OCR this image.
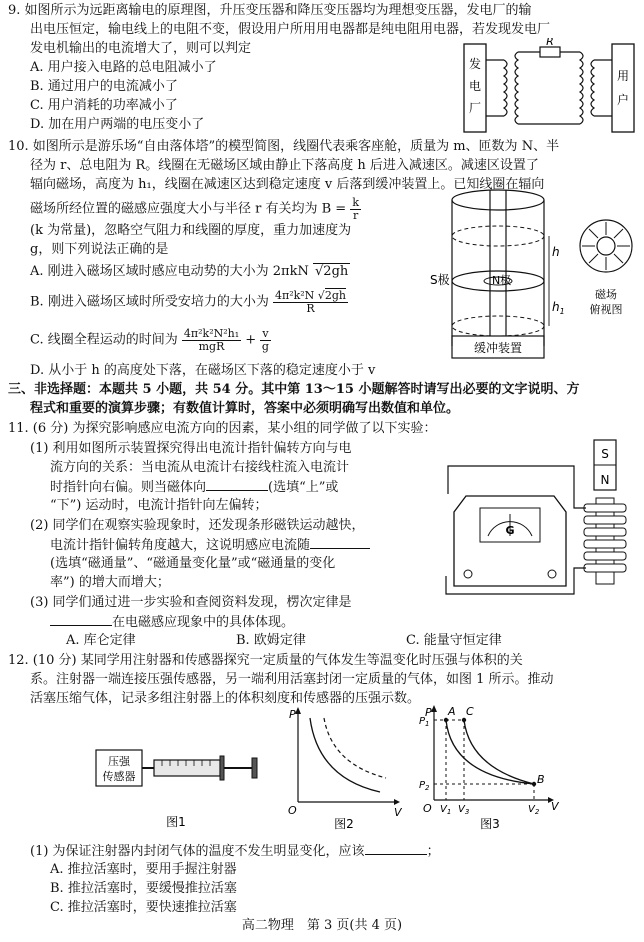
9. 如图所示为远距离输电的原理图，升压变压器和降压变压器均为理想变压器，发电厂的输
出电压恒定，输电线上的电阻不变，假设用户所用用电器都是纯电阻用电器，若发现发电厂
发电机输出的电流增大了，则可以判定
A. 用户接入电路的总电阻减小了
B. 通过用户的电流减小了
C. 用户消耗的功率减小了
D. 加在用户两端的电压变小了
发
电
厂
R
用
户
10. 如图所示是游乐场“自由落体塔”的模型简图，线圈代表乘客座舱，质量为 m、匝数为 N、半
径为 r、总电阻为 R。线圈在无磁场区域由静止下落高度 h 后进入减速区。减速区设置了
辐向磁场，高度为 h₁，线圈在减速区达到稳定速度 v 后落到缓冲装置上。已知线圈在辐向
磁场所经位置的磁感应强度大小与半径 r 有关均为 $B = \frac{k}{r}$
(k 为常量)，忽略空气阻力和线圈的厚度，重力加速度为
g，则下列说法正确的是
A. 刚进入磁场区域时感应电动势的大小为 2πkN √2gh
B. 刚进入磁场区域时所受安培力的大小为 $\frac{\text{4π²k²N √2gh}}{R}$
C. 线圈全程运动的时间为 $\frac{\text{4π²k²N²h₁}}{\text{mgR}} + \frac{v}{g}$
D. 从小于 h 的高度处下落，在磁场区下落的稳定速度小于 v
缓冲装置
S极	N极
h
$h_1$
磁场
俯视图
三、非选择题：本题共 5 小题，共 54 分。其中第 13～15 小题解答时请写出必要的文字说明、方
程式和重要的演算步骤；有数值计算时，答案中必须明确写出数值和单位。
11. (6 分) 为探究影响感应电流方向的因素，某小组的同学做了以下实验：
(1) 利用如图所示装置探究得出电流计指针偏转方向与电
流方向的关系：当电流从电流计右接线柱流入电流计
时指针向右偏。则当磁体向	(选填“上”或
“下”) 运动时，电流计指针向左偏转；
(2) 同学们在观察实验现象时，还发现条形磁铁运动越快，
电流计指针偏转角度越大，这说明感应电流随
(选填“磁通量”、“磁通量变化量”或“磁通量的变化
率”) 的增大而增大；
(3) 同学们通过进一步实验和查阅资料发现，楞次定律是
在电磁感应现象中的具体体现。
A. 库仑定律	B. 欧姆定律	C. 能量守恒定律
S
N
G
12. (10 分) 某同学用注射器和传感器探究一定质量的气体发生等温变化时压强与体积的关
系。注射器一端连接压强传感器，另一端利用活塞封闭一定质量的气体，如图 1 所示。推动
活塞压缩气体，记录多组注射器上的体积刻度和传感器的压强示数。
压强
传感器
图1
P
V
O
图2
P
V
O
A C
B
$P_1$
$P_2$
$V_1$ $V_3$	$V_2$
图3
(1) 为保证注射器内封闭气体的温度不发生明显变化，应该	；
A. 推拉活塞时，要用手握注射器
B. 推拉活塞时，要缓慢推拉活塞
C. 推拉活塞时，要快速推拉活塞
高二物理　第 3 页(共 4 页)
